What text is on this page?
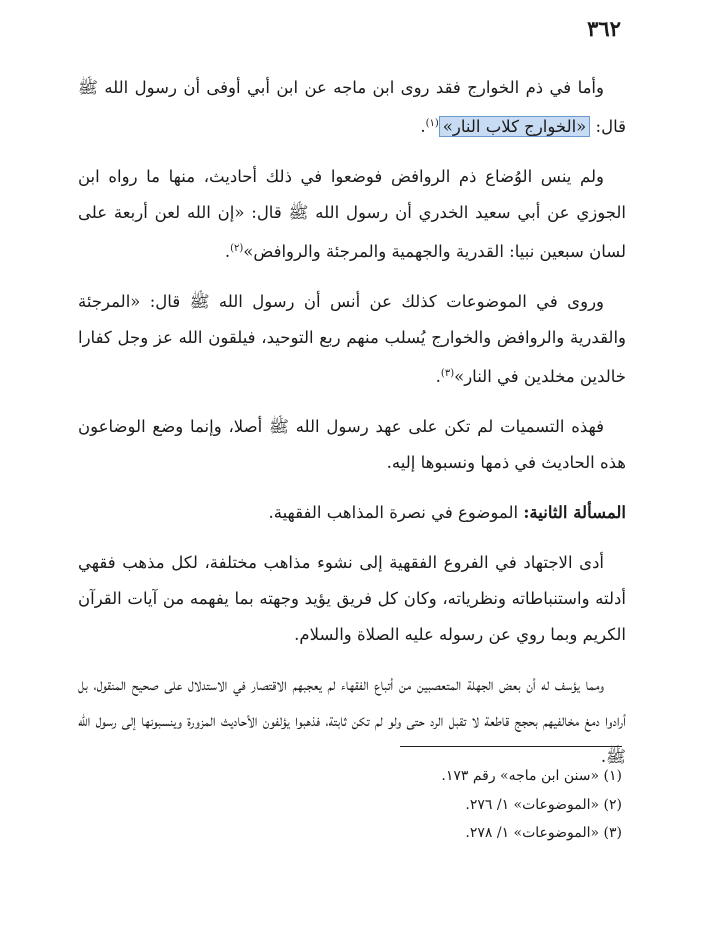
٣٦٢

وأما في ذم الخوارج فقد روى ابن ماجه عن ابن أبي أوفى أن رسول الله ﷺ قال: «الخوارج كلاب النار»$^{(١)}$.

ولم ينس الوُضاع ذم الروافض فوضعوا في ذلك أحاديث، منها ما رواه ابن الجوزي عن أبي سعيد الخدري أن رسول الله ﷺ قال: «إن الله لعن أربعة على لسان سبعين نبيا: القدرية والجهمية والمرجئة والروافض»$^{(٢)}$.

وروى في الموضوعات كذلك عن أنس أن رسول الله ﷺ قال: «المرجئة والقدرية والروافض والخوارج يُسلب منهم ربع التوحيد، فيلقون الله عز وجل كفارا خالدين مخلدين في النار»$^{(٣)}$.

فهذه التسميات لم تكن على عهد رسول الله ﷺ أصلا، وإنما وضع الوضاعون هذه الحاديث في ذمها ونسبوها إليه.

المسألة الثانية: الموضوع في نصرة المذاهب الفقهية.

أدى الاجتهاد في الفروع الفقهية إلى نشوء مذاهب مختلفة، لكل مذهب فقهي أدلته واستنباطاته ونظرياته، وكان كل فريق يؤيد وجهته بما يفهمه من آيات القرآن الكريم وبما روي عن رسوله عليه الصلاة والسلام.

ومما يؤسف له أن بعض الجهلة المتعصبين من أتباع الفقهاء لم يعجبهم الاقتصار في الاستدلال على صحيح المنقول، بل أرادوا دمغ مخالفيهم بحجج قاطعة لا تقبل الرد حتى ولو لم تكن ثابتة، فذهبوا يؤلفون الأحاديث المزورة وينسبونها إلى رسول الله ﷺ.

(١) «سنن ابن ماجه» رقم ١٧٣.

(٢) «الموضوعات» ١/ ٢٧٦.

(٣) «الموضوعات» ١/ ٢٧٨.
